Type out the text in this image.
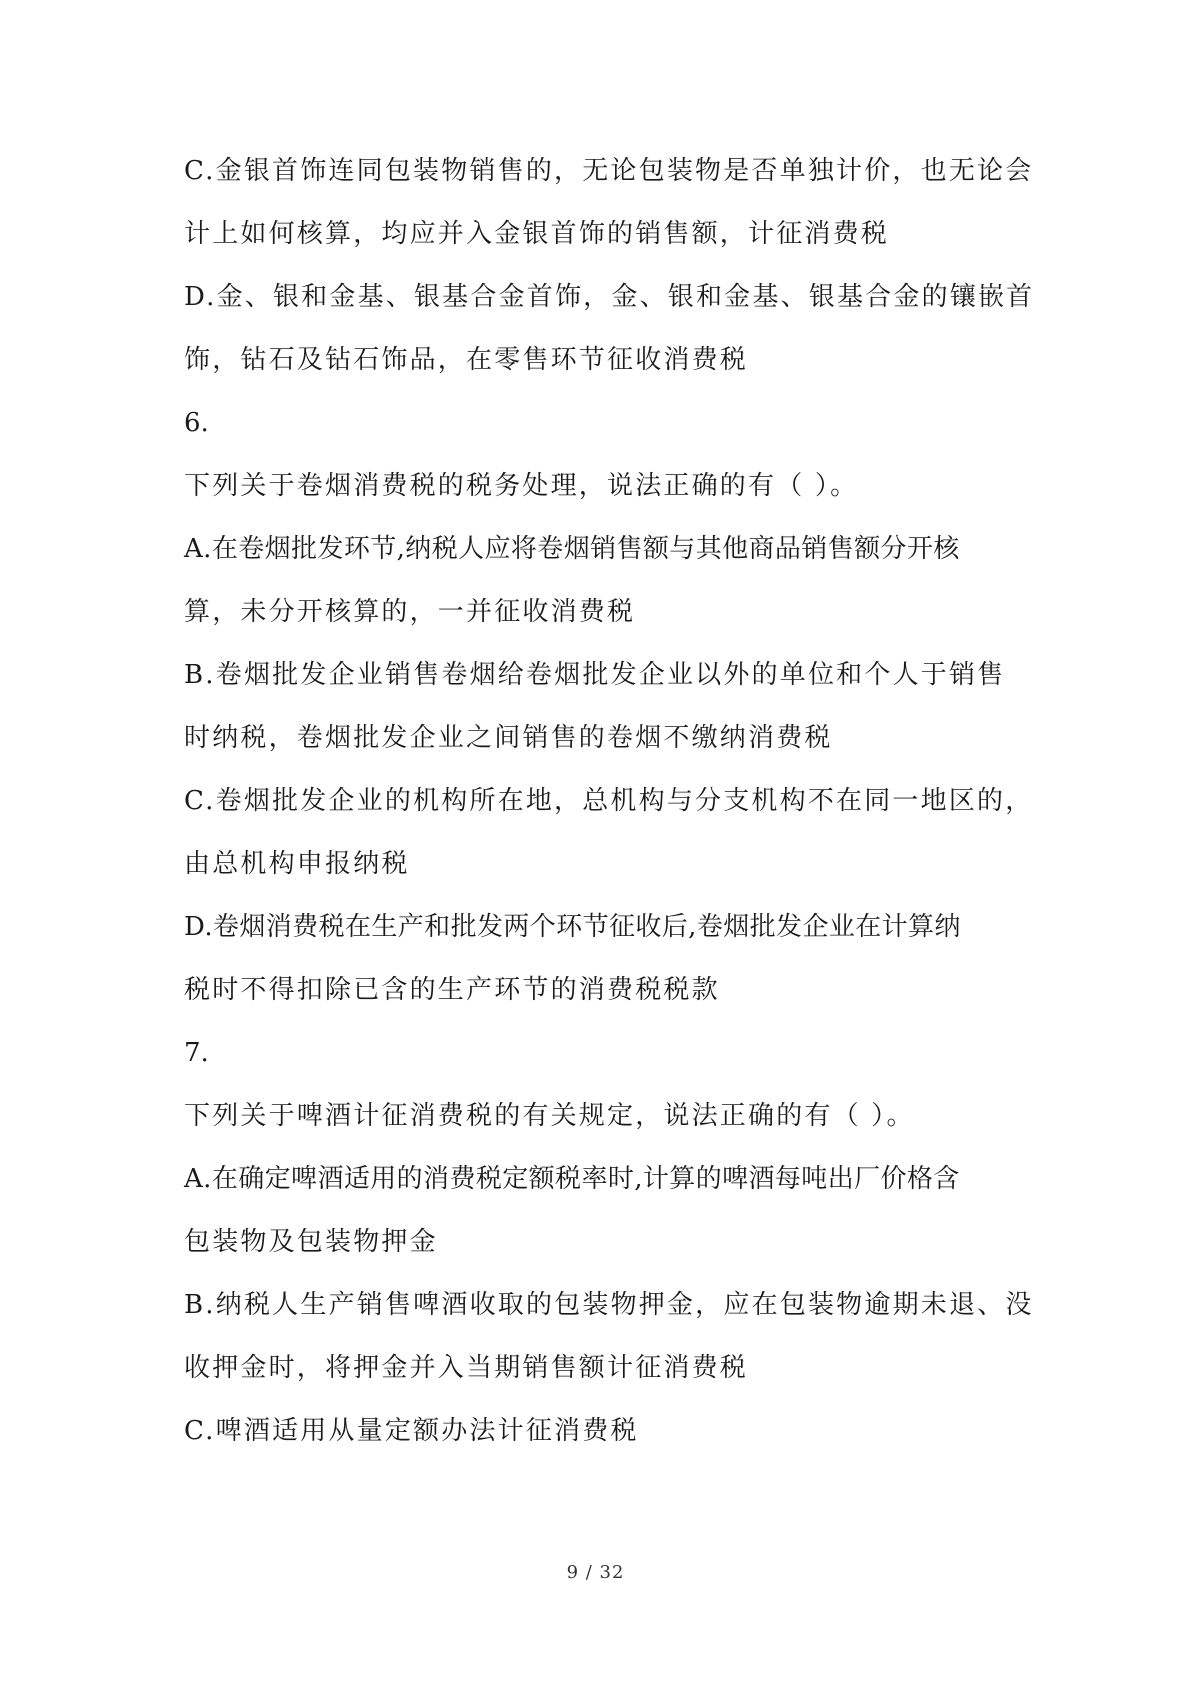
C.金银首饰连同包装物销售的，无论包装物是否单独计价，也无论会
计上如何核算，均应并入金银首饰的销售额，计征消费税
D.金、银和金基、银基合金首饰，金、银和金基、银基合金的镶嵌首
饰，钻石及钻石饰品，在零售环节征收消费税
6.
下列关于卷烟消费税的税务处理，说法正确的有（ ）。
A.在卷烟批发环节,纳税人应将卷烟销售额与其他商品销售额分开核
算，未分开核算的，一并征收消费税
B.卷烟批发企业销售卷烟给卷烟批发企业以外的单位和个人于销售
时纳税，卷烟批发企业之间销售的卷烟不缴纳消费税
C.卷烟批发企业的机构所在地，总机构与分支机构不在同一地区的，
由总机构申报纳税
D.卷烟消费税在生产和批发两个环节征收后,卷烟批发企业在计算纳
税时不得扣除已含的生产环节的消费税税款
7.
下列关于啤酒计征消费税的有关规定，说法正确的有（ ）。
A.在确定啤酒适用的消费税定额税率时,计算的啤酒每吨出厂价格含
包装物及包装物押金
B.纳税人生产销售啤酒收取的包装物押金，应在包装物逾期未退、没
收押金时，将押金并入当期销售额计征消费税
C.啤酒适用从量定额办法计征消费税
9 / 32
